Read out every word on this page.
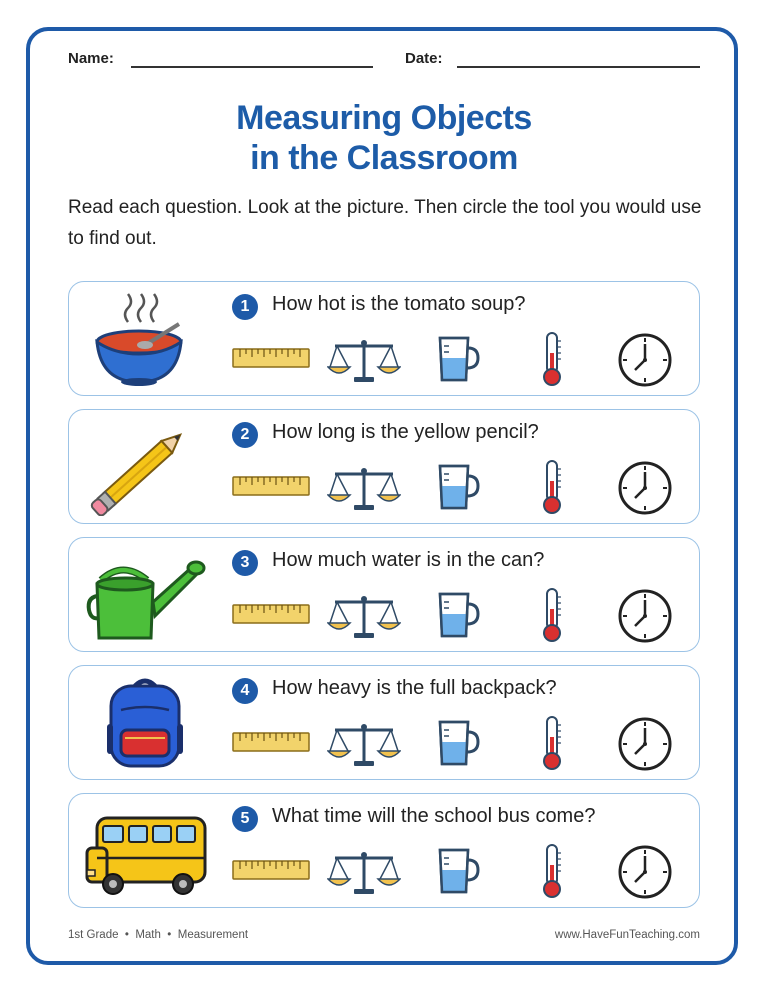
Name:	Date:
Measuring Objects
in the Classroom
Read each question. Look at the picture. Then circle the tool you would use to find out.
1	How hot is the tomato soup?
2	How long is the yellow pencil?
3	How much water is in the can?
4	How heavy is the full backpack?
5	What time will the school bus come?
1st Grade  •  Math  •  Measurement	www.HaveFunTeaching.com
